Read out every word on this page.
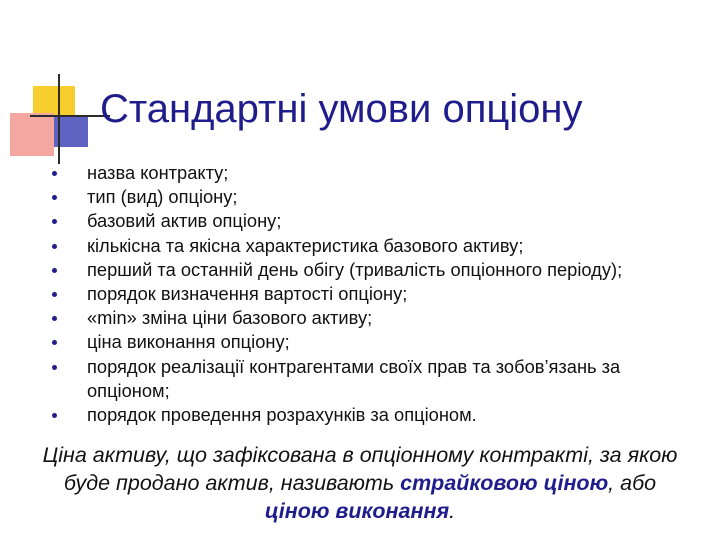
Стандартні умови опціону
назва контракту;
тип (вид) опціону;
базовий актив опціону;
кількісна та якісна характеристика базового активу;
перший та останній день обігу (тривалість опціонного періоду);
порядок визначення вартості опціону;
«min» зміна ціни базового активу;
ціна виконання опціону;
порядок реалізації контрагентами своїх прав та зобов’язань за опціоном;
порядок проведення розрахунків за опціоном.
Ціна активу, що зафіксована в опціонному контракті, за якою буде продано актив, називають страйковою ціною, або ціною виконання.
